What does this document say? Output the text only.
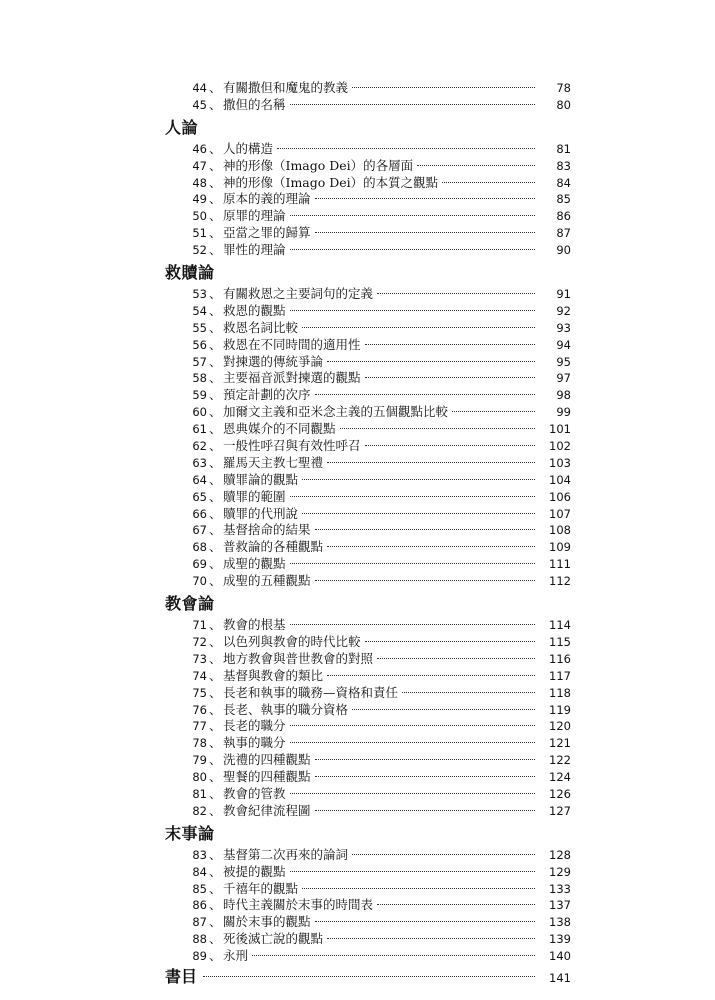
44 、 有關撒但和魔鬼的教義	78
45 、 撒但的名稱	80
人論
46 、 人的構造	81
47 、 神的形像（Imago Dei）的各層面	83
48 、 神的形像（Imago Dei）的本質之觀點	84
49 、 原本的義的理論	85
50 、 原罪的理論	86
51 、 亞當之罪的歸算	87
52 、 罪性的理論	90
救贖論
53 、 有關救恩之主要詞句的定義	91
54 、 救恩的觀點	92
55 、 救恩名詞比較	93
56 、 救恩在不同時間的適用性	94
57 、 對揀選的傳統爭論	95
58 、 主要福音派對揀選的觀點	97
59 、 預定計劃的次序	98
60 、 加爾文主義和亞米念主義的五個觀點比較	99
61 、 恩典媒介的不同觀點	101
62 、 一般性呼召與有效性呼召	102
63 、 羅馬天主教七聖禮	103
64 、 贖罪論的觀點	104
65 、 贖罪的範圍	106
66 、 贖罪的代刑說	107
67 、 基督捨命的結果	108
68 、 普救論的各種觀點	109
69 、 成聖的觀點	111
70 、 成聖的五種觀點	112
教會論
71 、 教會的根基	114
72 、 以色列與教會的時代比較	115
73 、 地方教會與普世教會的對照	116
74 、 基督與教會的類比	117
75 、 長老和執事的職務—資格和責任	118
76 、 長老、執事的職分資格	119
77 、 長老的職分	120
78 、 執事的職分	121
79 、 洗禮的四種觀點	122
80 、 聖餐的四種觀點	124
81 、 教會的管教	126
82 、 教會紀律流程圖	127
末事論
83 、 基督第二次再來的論詞	128
84 、 被提的觀點	129
85 、 千禧年的觀點	133
86 、 時代主義關於末事的時間表	137
87 、 關於末事的觀點	138
88 、 死後滅亡說的觀點	139
89 、 永刑	140
書目	141
